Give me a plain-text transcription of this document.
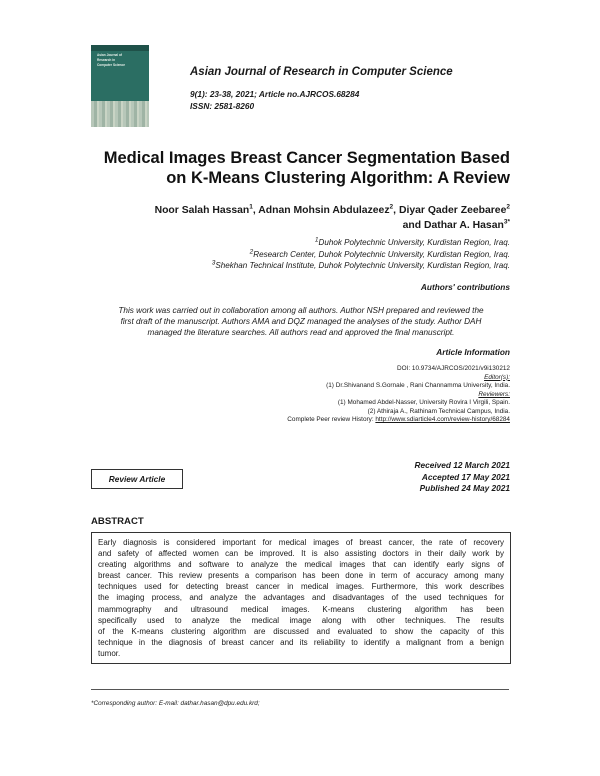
Asian Journal of
Research in
Computer Science
Asian Journal of Research in Computer Science
9(1): 23-38, 2021; Article no.AJRCOS.68284
ISSN: 2581-8260
Medical Images Breast Cancer Segmentation Based
on K-Means Clustering Algorithm: A Review
Noor Salah Hassan$^1$, Adnan Mohsin Abdulazeez$^2$, Diyar Qader Zeebaree$^2$
and Dathar A. Hasan$^{3*}$
$^1$Duhok Polytechnic University, Kurdistan Region, Iraq.
$^2$Research Center, Duhok Polytechnic University, Kurdistan Region, Iraq.
$^3$Shekhan Technical Institute, Duhok Polytechnic University, Kurdistan Region, Iraq.
Authors' contributions
This work was carried out in collaboration among all authors. Author NSH prepared and reviewed the
first draft of the manuscript. Authors AMA and DQZ managed the analyses of the study. Author DAH
managed the literature searches. All authors read and approved the final manuscript.
Article Information
DOI: 10.9734/AJRCOS/2021/v9i130212
Editor(s):
(1) Dr.Shivanand S.Gornale , Rani Channamma University, India.
Reviewers:
(1) Mohamed Abdel-Nasser, University Rovira I Virgili, Spain.
(2) Athiraja A., Rathinam Technical Campus, India.
Complete Peer review History: http://www.sdiarticle4.com/review-history/68284
Review Article
Received 12 March 2021
Accepted 17 May 2021
Published 24 May 2021
ABSTRACT
Early diagnosis is considered important for medical images of breast cancer, the rate of recovery
and safety of affected women can be improved. It is also assisting doctors in their daily work by
creating algorithms and software to analyze the medical images that can identify early signs of
breast cancer. This review presents a comparison has been done in term of accuracy among many
techniques used for detecting breast cancer in medical images. Furthermore, this work describes
the imaging process, and analyze the advantages and disadvantages of the used techniques for
mammography and ultrasound medical images. K-means clustering algorithm has been
specifically used to analyze the medical image along with other techniques. The results
of the K-means clustering algorithm are discussed and evaluated to show the capacity of this
technique in the diagnosis of breast cancer and its reliability to identify a malignant from a benign
tumor.
*Corresponding author: E-mail: dathar.hasan@dpu.edu.krd;
